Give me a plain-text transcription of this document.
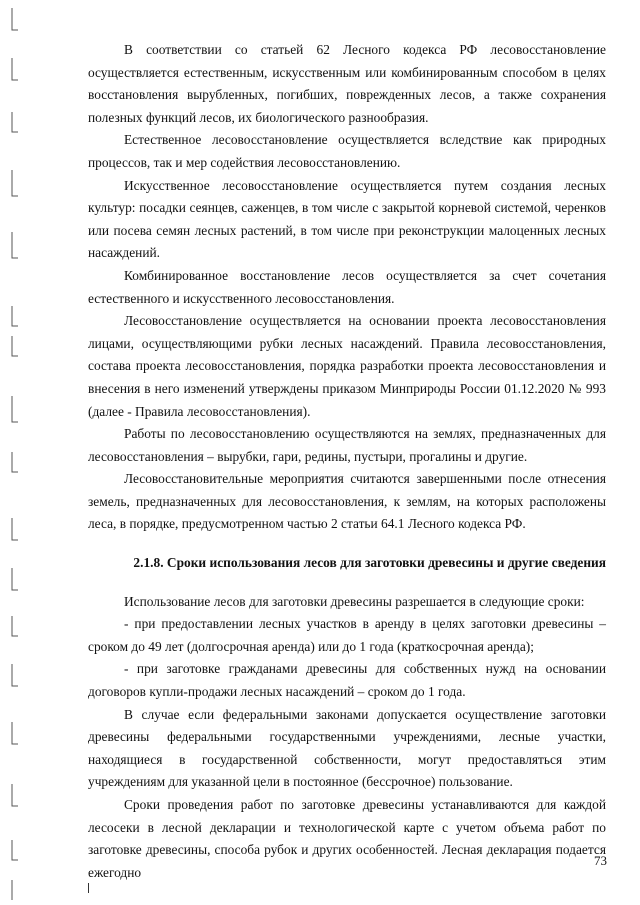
В соответствии со статьей 62 Лесного кодекса РФ лесовосстановление осуществляется естественным, искусственным или комбинированным способом в целях восстановления вырубленных, погибших, поврежденных лесов, а также сохранения полезных функций лесов, их биологического разнообразия.

Естественное лесовосстановление осуществляется вследствие как природных процессов, так и мер содействия лесовосстановлению.

Искусственное лесовосстановление осуществляется путем создания лесных культур: посадки сеянцев, саженцев, в том числе с закрытой корневой системой, черенков или посева семян лесных растений, в том числе при реконструкции малоценных лесных насаждений.

Комбинированное восстановление лесов осуществляется за счет сочетания естественного и искусственного лесовосстановления.

Лесовосстановление осуществляется на основании проекта лесовосстановления лицами, осуществляющими рубки лесных насаждений. Правила лесовосстановления, состава проекта лесовосстановления, порядка разработки проекта лесовосстановления и внесения в него изменений утверждены приказом Минприроды России 01.12.2020 № 993 (далее - Правила лесовосстановления).

Работы по лесовосстановлению осуществляются на землях, предназначенных для лесовосстановления – вырубки, гари, редины, пустыри, прогалины и другие.

Лесовосстановительные мероприятия считаются завершенными после отнесения земель, предназначенных для лесовосстановления, к землям, на которых расположены леса, в порядке, предусмотренном частью 2 статьи 64.1 Лесного кодекса РФ.

2.1.8. Сроки использования лесов для заготовки древесины и другие сведения

Использование лесов для заготовки древесины разрешается в следующие сроки:

- при предоставлении лесных участков в аренду в целях заготовки древесины – сроком до 49 лет (долгосрочная аренда) или до 1 года (краткосрочная аренда);

- при заготовке гражданами древесины для собственных нужд на основании договоров купли-продажи лесных насаждений – сроком до 1 года.

В случае если федеральными законами допускается осуществление заготовки древесины федеральными государственными учреждениями, лесные участки, находящиеся в государственной собственности, могут предоставляться этим учреждениям для указанной цели в постоянное (бессрочное) пользование.

Сроки проведения работ по заготовке древесины устанавливаются для каждой лесосеки в лесной декларации и технологической карте с учетом объема работ по заготовке древесины, способа рубок и других особенностей. Лесная декларация подается ежегодно

73
